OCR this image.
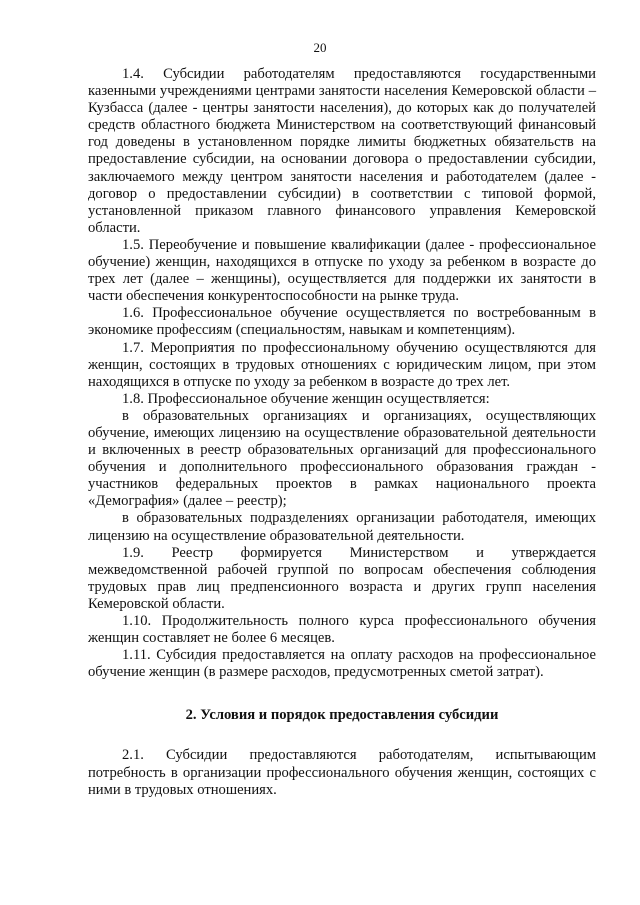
20

1.4. Субсидии работодателям предоставляются государственными казенными учреждениями центрами занятости населения Кемеровской области – Кузбасса (далее - центры занятости населения), до которых как до получателей средств областного бюджета Министерством на соответствующий финансовый год доведены в установленном порядке лимиты бюджетных обязательств на предоставление субсидии, на основании договора о предоставлении субсидии, заключаемого между центром занятости населения и работодателем (далее - договор о предоставлении субсидии) в соответствии с типовой формой, установленной приказом главного финансового управления Кемеровской области.

1.5. Переобучение и повышение квалификации (далее - профессиональное обучение) женщин, находящихся в отпуске по уходу за ребенком в возрасте до трех лет (далее – женщины), осуществляется для поддержки их занятости в части обеспечения конкурентоспособности на рынке труда.

1.6. Профессиональное обучение осуществляется по востребованным в экономике профессиям (специальностям, навыкам и компетенциям).

1.7. Мероприятия по профессиональному обучению осуществляются для женщин, состоящих в трудовых отношениях с юридическим лицом, при этом находящихся в отпуске по уходу за ребенком в возрасте до трех лет.

1.8. Профессиональное обучение женщин осуществляется:

в образовательных организациях и организациях, осуществляющих обучение, имеющих лицензию на осуществление образовательной деятельности и включенных в реестр образовательных организаций для профессионального обучения и дополнительного профессионального образования граждан - участников федеральных проектов в рамках национального проекта «Демография» (далее – реестр);

в образовательных подразделениях организации работодателя, имеющих лицензию на осуществление образовательной деятельности.

1.9. Реестр формируется Министерством и утверждается межведомственной рабочей группой по вопросам обеспечения соблюдения трудовых прав лиц предпенсионного возраста и других групп населения Кемеровской области.

1.10. Продолжительность полного курса профессионального обучения женщин составляет не более 6 месяцев.

1.11. Субсидия предоставляется на оплату расходов на профессиональное обучение женщин (в размере расходов, предусмотренных сметой затрат).

2. Условия и порядок предоставления субсидии

2.1. Субсидии предоставляются работодателям, испытывающим потребность в организации профессионального обучения женщин, состоящих с ними в трудовых отношениях.
